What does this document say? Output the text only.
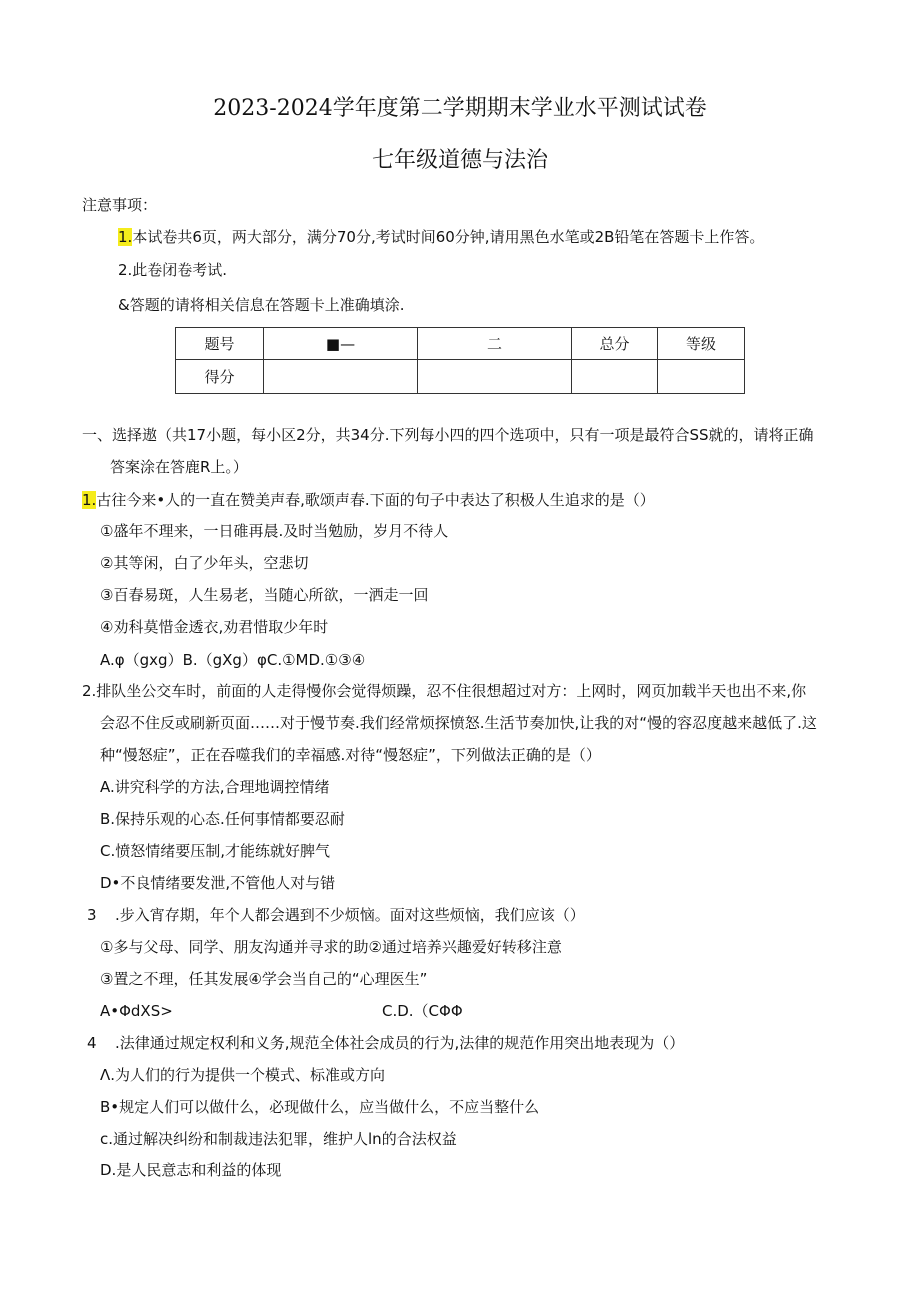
2023-2024学年度第二学期期末学业水平测试试卷
七年级道德与法治
注意事项：
1.本试卷共6页，两大部分，满分70分,考试时间60分钟,请用黑色水笔或2B铅笔在答题卡上作答。
2.此卷闭卷考试.
&答题的请将相关信息在答题卡上准确填涂.
题号	■—	二	总分	等级
得分				
一、选择遨（共17小题，每小区2分，共34分.下列每小四的四个选项中，只有一项是最符合SS就的，请将正确
答案涂在答鹿R上。）
1.古往今来•人的一直在赞美声春,歌颂声春.下面的句子中表达了积极人生追求的是（）
①盛年不理来，一日碓再晨.及时当勉励，岁月不待人
②其等闲，白了少年头，空悲切
③百春易斑，人生易老，当随心所欲，一洒走一回
④劝科莫惜金透衣,劝君惜取少年时
A.φ（gxg）B.（gXg）φC.①MD.①③④
2.排队坐公交车时，前面的人走得慢你会觉得烦躁，忍不住很想超过对方：上网时，网页加载半天也出不来,你
会忍不住反或刷新页面……对于慢节奏.我们经常烦探愤怒.生活节奏加快,让我的对“慢的容忍度越来越低了.这
种“慢怒症”，正在吞噬我们的幸福感.对待“慢怒症”，下列做法正确的是（）
A.讲究科学的方法,合理地调控情绪
B.保持乐观的心态.任何事情都要忍耐
C.愤怒情绪要压制,才能练就好脾气
D•不良情绪要发泄,不管他人对与错
3 .步入宵存期，年个人都会遇到不少烦恼。面对这些烦恼，我们应该（）
①多与父母、同学、朋友沟通并寻求的助②通过培养兴趣爱好转移注意
③置之不理，任其发展④学会当自己的“心理医生”
A•ΦdXS>	C.D.（CΦΦ
4 .法律通过规定权利和义务,规范全体社会成员的行为,法律的规范作用突出地表现为（）
Λ.为人们的行为提供一个模式、标准或方向
B•规定人们可以做什么，必现做什么，应当做什么，不应当整什么
c.通过解决纠纷和制裁违法犯罪，维护人ln的合法权益
D.是人民意志和利益的体现
